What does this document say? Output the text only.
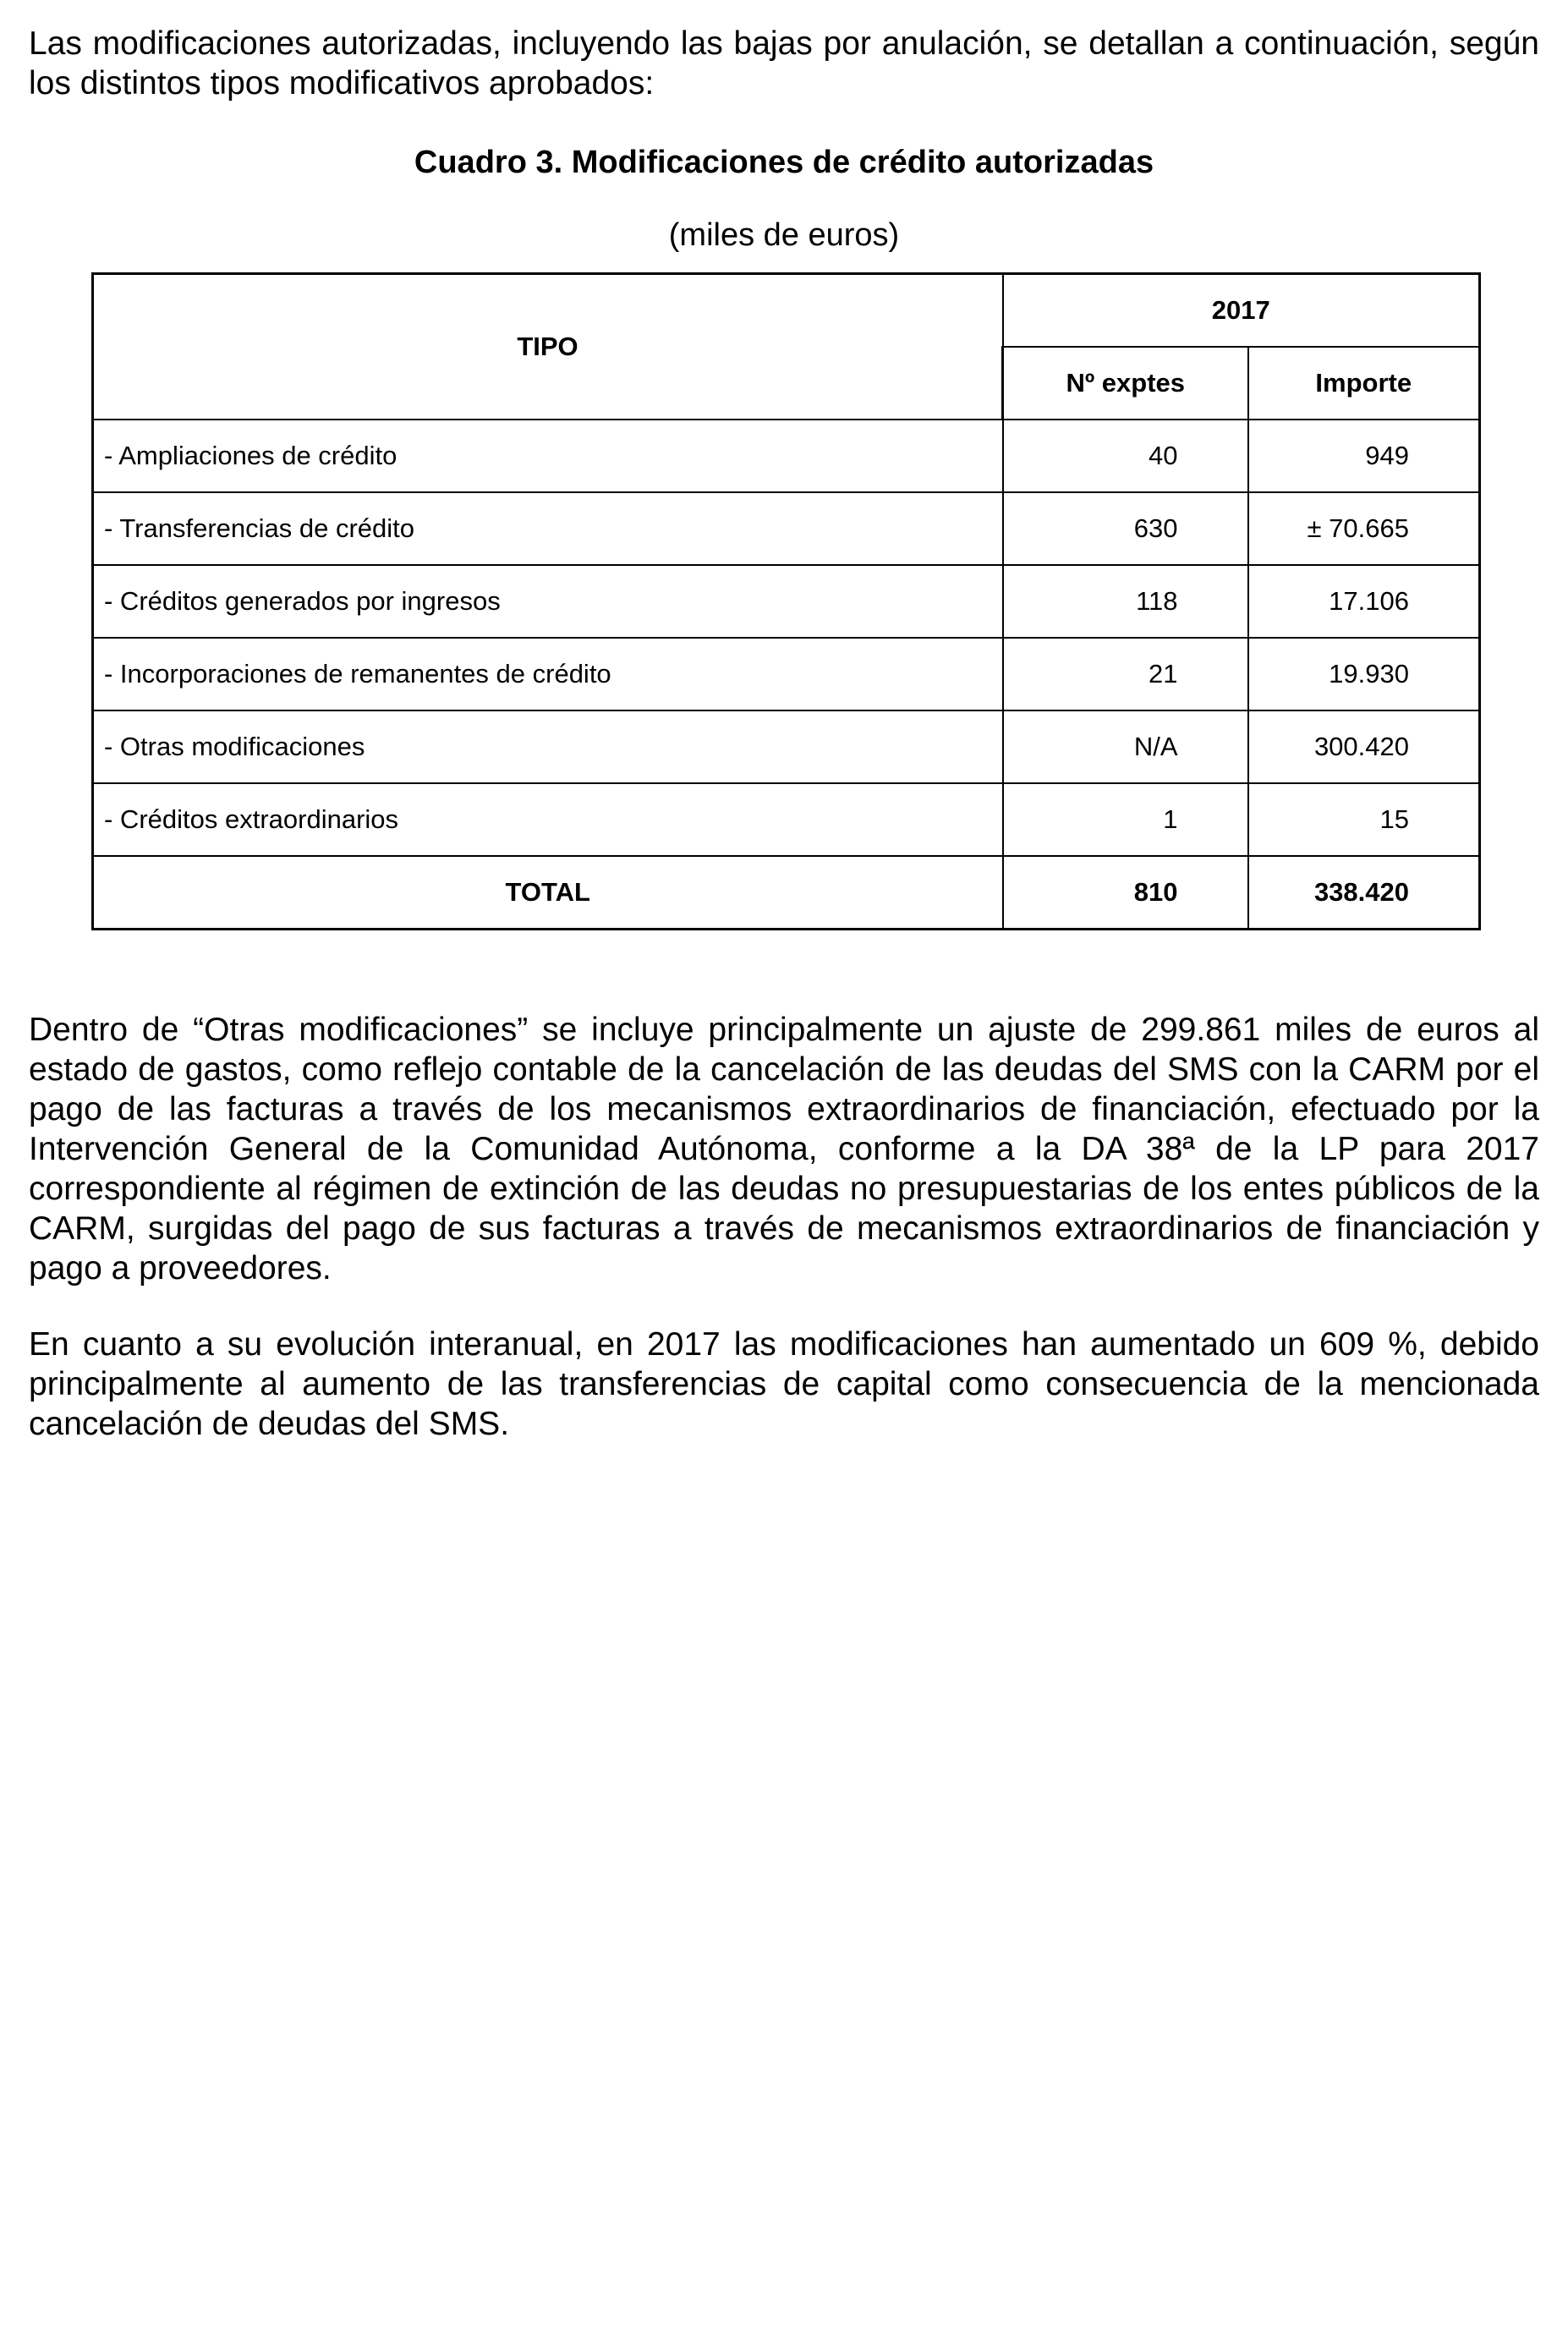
Las modificaciones autorizadas, incluyendo las bajas por anulación, se detallan a continuación, según los distintos tipos modificativos aprobados:

Cuadro 3. Modificaciones de crédito autorizadas

(miles de euros)

TIPO	2017	
	Nº exptes	Importe
- Ampliaciones de crédito	40	949
- Transferencias de crédito	630	± 70.665
- Créditos generados por ingresos	118	17.106
- Incorporaciones de remanentes de crédito	21	19.930
- Otras modificaciones	N/A	300.420
- Créditos extraordinarios	1	15
TOTAL	810	338.420

Dentro de “Otras modificaciones” se incluye principalmente un ajuste de 299.861 miles de euros al estado de gastos, como reflejo contable de la cancelación de las deudas del SMS con la CARM por el pago de las facturas a través de los mecanismos extraordinarios de financiación, efectuado por la Intervención General de la Comunidad Autónoma, conforme a la DA 38ª de la LP para 2017 correspondiente al régimen de extinción de las deudas no presupuestarias de los entes públicos de la CARM, surgidas del pago de sus facturas a través de mecanismos extraordinarios de financiación y pago a proveedores.

En cuanto a su evolución interanual, en 2017 las modificaciones han aumentado un 609 %, debido principalmente al aumento de las transferencias de capital como consecuencia de la mencionada cancelación de deudas del SMS.
